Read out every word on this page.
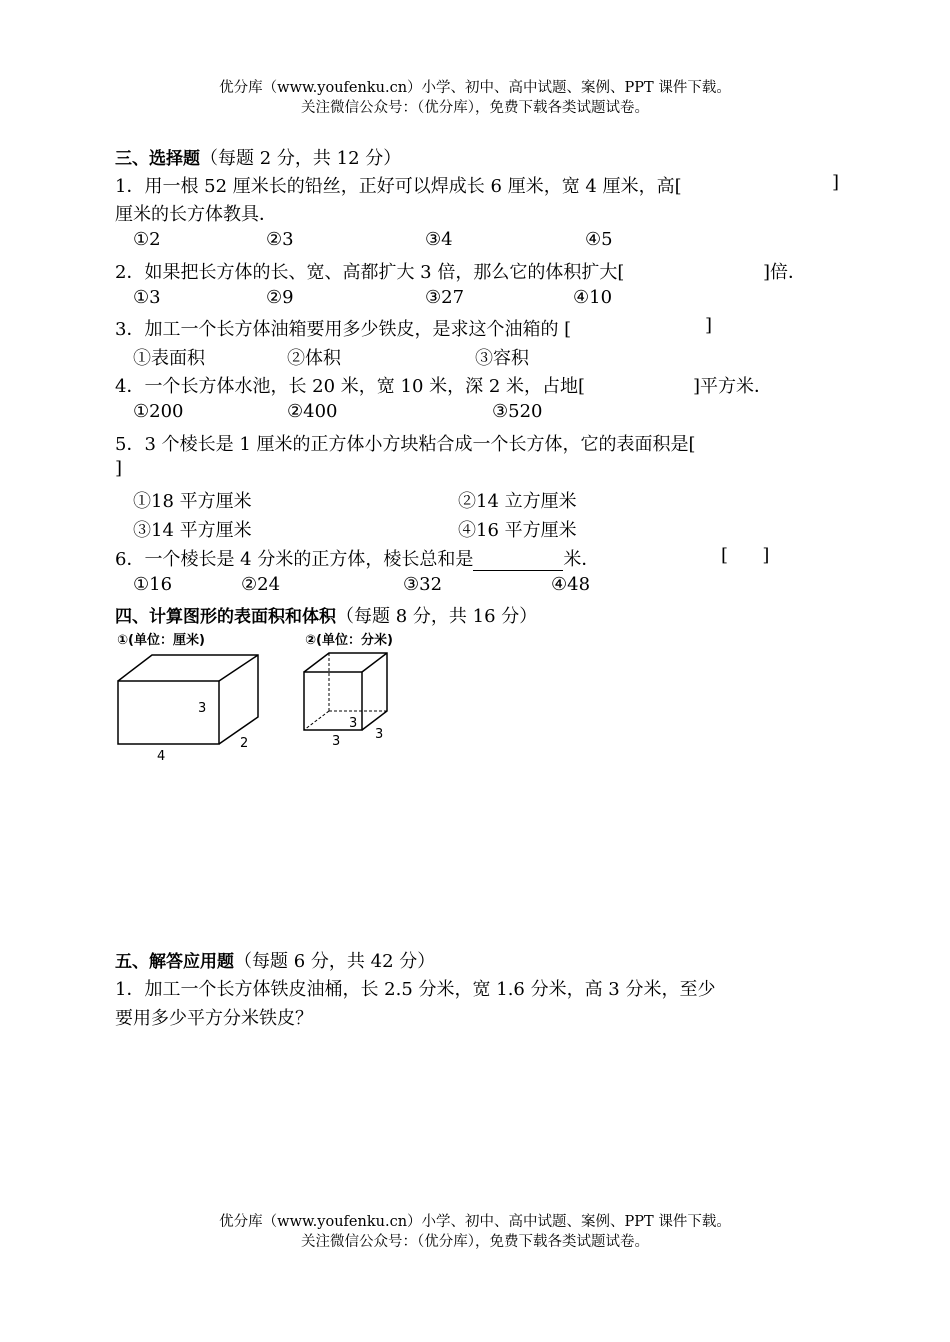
优分库（www.youfenku.cn）小学、初中、高中试题、案例、PPT 课件下载。
关注微信公众号：（优分库），免费下载各类试题试卷。
三、选择题（每题 2 分，共 12 分）
1．用一根 52 厘米长的铅丝，正好可以焊成长 6 厘米，宽 4 厘米，高[	]
厘米的长方体教具．
①2	②3	③4	④5
2．如果把长方体的长、宽、高都扩大 3 倍，那么它的体积扩大[	]倍．
①3	②9	③27	④10
3．加工一个长方体油箱要用多少铁皮，是求这个油箱的 [	]
①表面积	②体积	③容积
4．一个长方体水池，长 20 米，宽 10 米，深 2 米，占地[	]平方米．
①200	②400	③520
5．3 个棱长是 1 厘米的正方体小方块粘合成一个长方体，它的表面积是[
]
①18 平方厘米	②14 立方厘米
③14 平方厘米	④16 平方厘米
6．一个棱长是 4 分米的正方体，棱长总和是	米．	[      ]
①16	②24	③32	④48
四、计算图形的表面积和体积（每题 8 分，共 16 分）
五、解答应用题（每题 6 分，共 42 分）
1．加工一个长方体铁皮油桶，长 2.5 分米，宽 1.6 分米，高 3 分米，至少
要用多少平方分米铁皮？
①(单位：厘米)
3
2
4
②(单位：分米)
3
3	3
优分库（www.youfenku.cn）小学、初中、高中试题、案例、PPT 课件下载。
关注微信公众号：（优分库），免费下载各类试题试卷。
